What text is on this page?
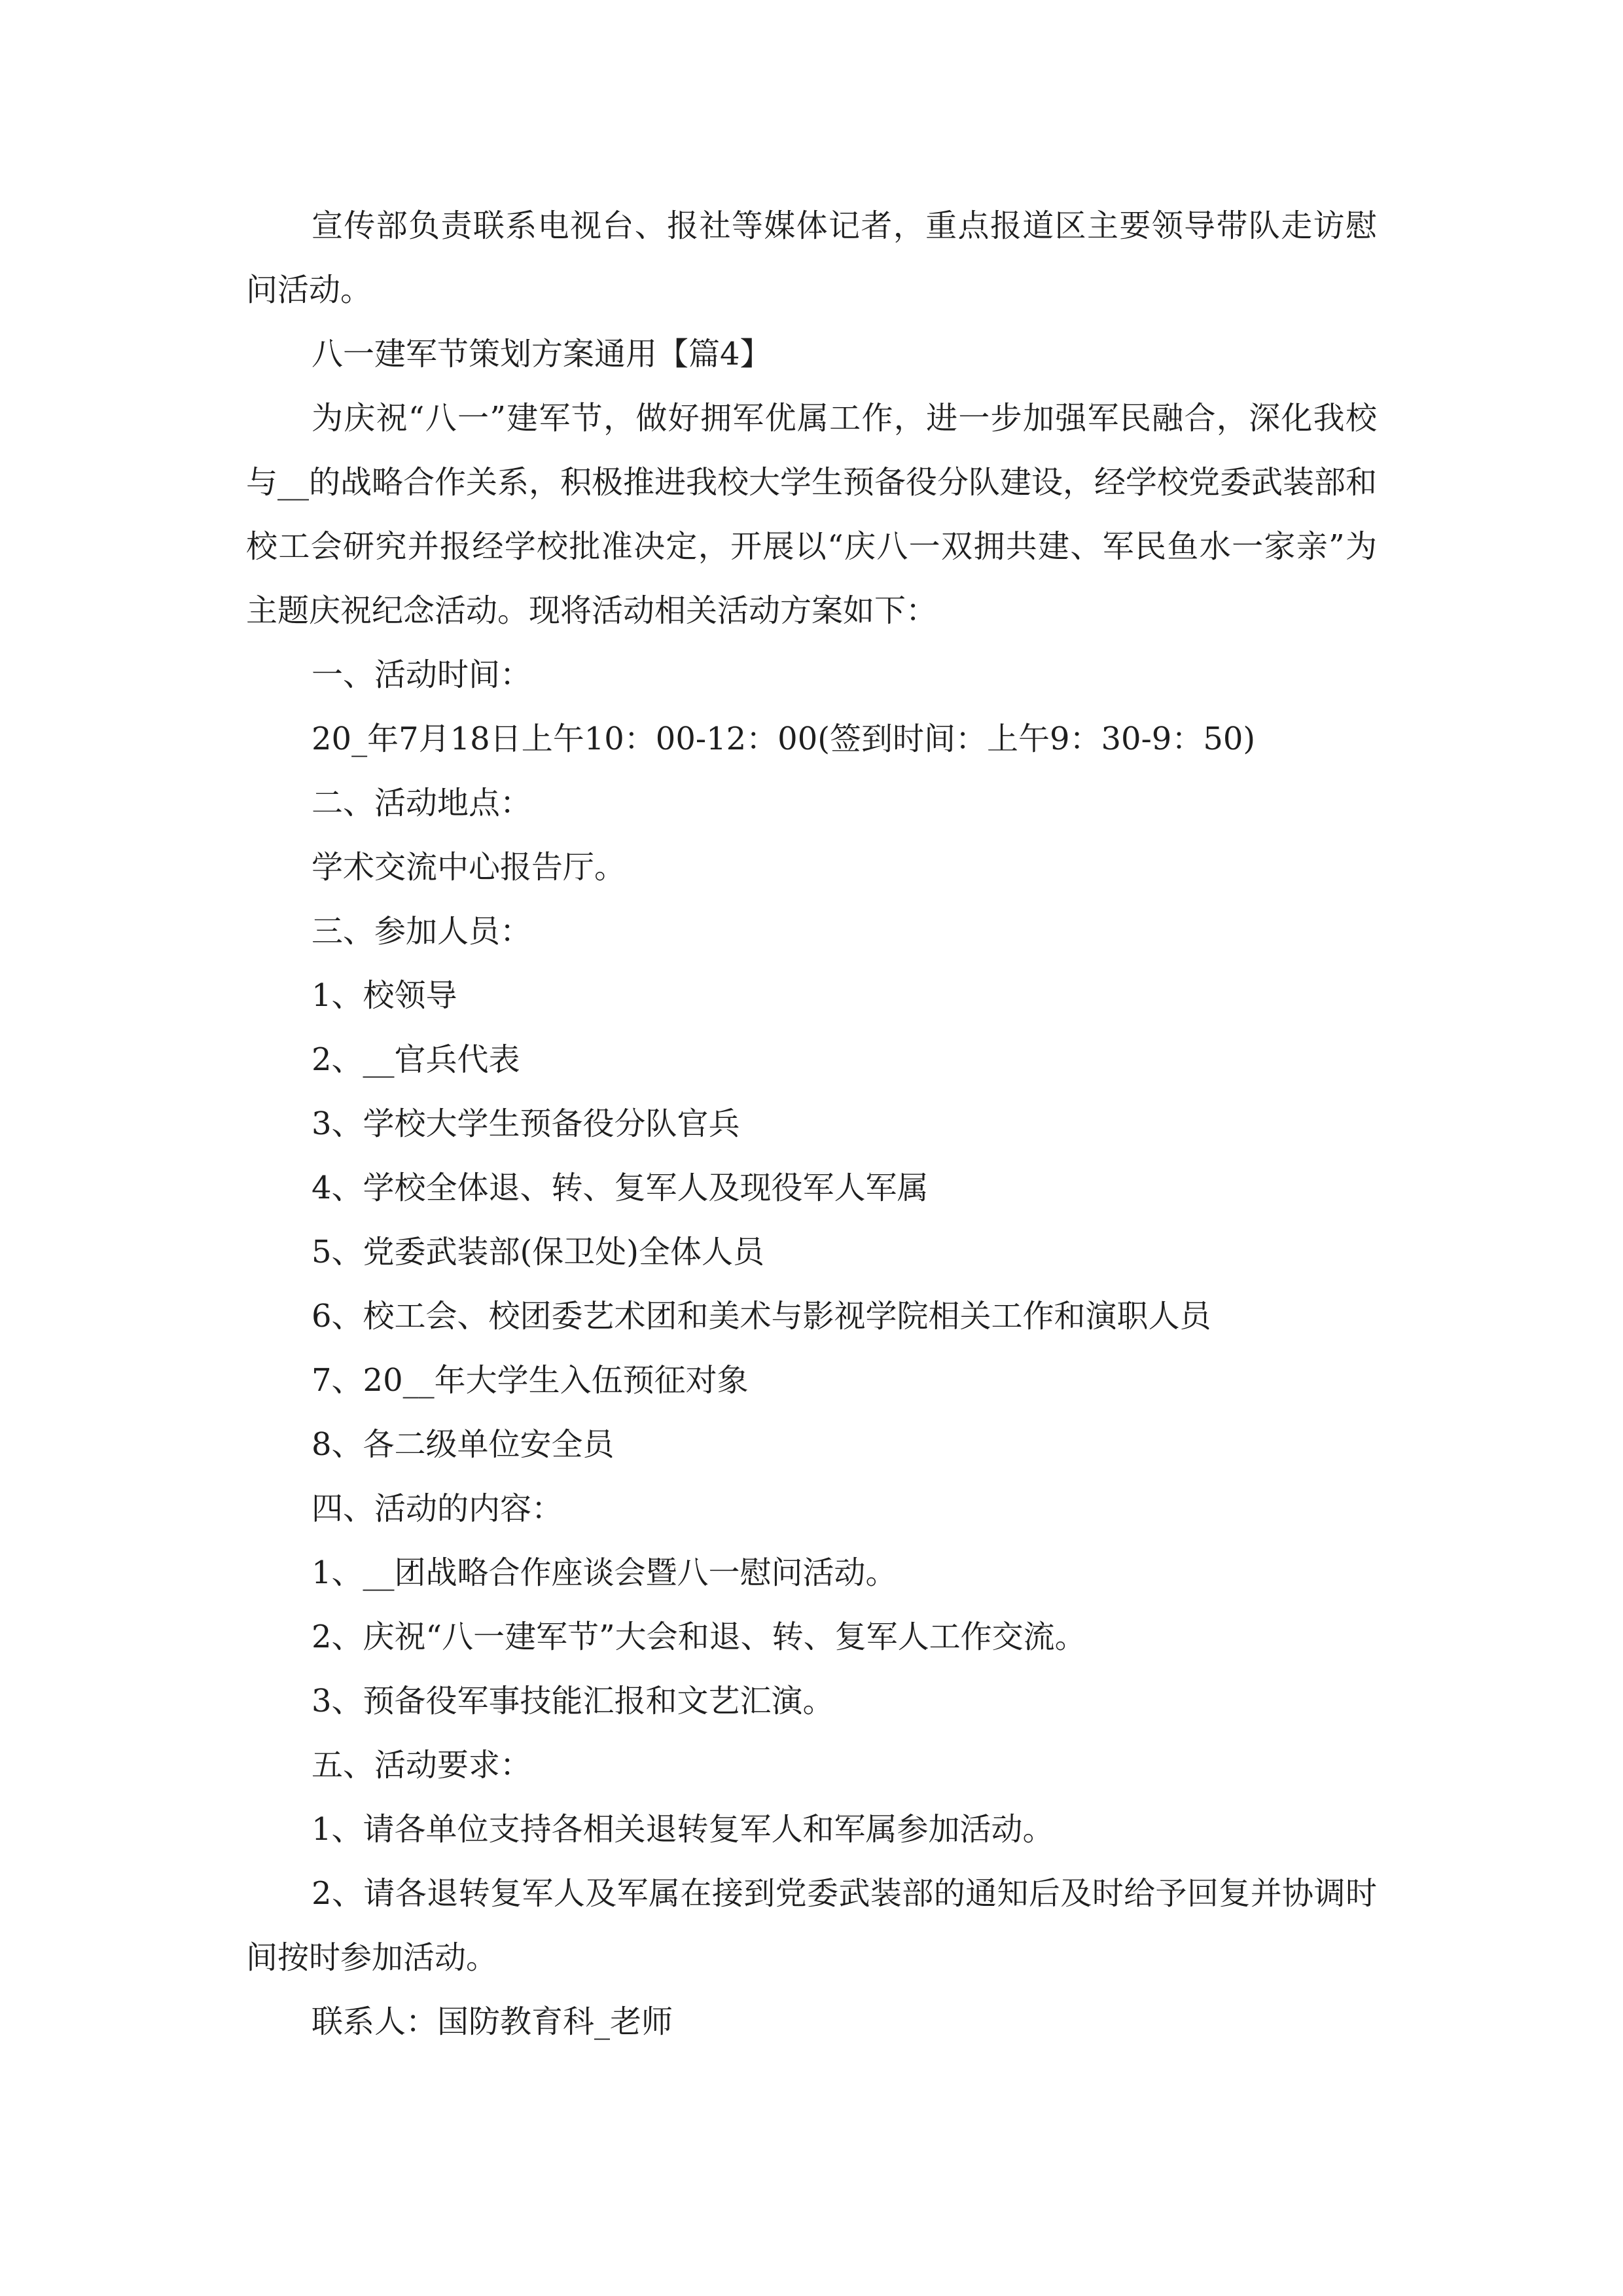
宣传部负责联系电视台、报社等媒体记者，重点报道区主要领导带队走访慰问活动。

八一建军节策划方案通用【篇4】

为庆祝“八一”建军节，做好拥军优属工作，进一步加强军民融合，深化我校与__的战略合作关系，积极推进我校大学生预备役分队建设，经学校党委武装部和校工会研究并报经学校批准决定，开展以“庆八一双拥共建、军民鱼水一家亲”为主题庆祝纪念活动。现将活动相关活动方案如下：

一、活动时间：

20_年7月18日上午10：00-12：00(签到时间：上午9：30-9：50)

二、活动地点：

学术交流中心报告厅。

三、参加人员：

1、校领导

2、__官兵代表

3、学校大学生预备役分队官兵

4、学校全体退、转、复军人及现役军人军属

5、党委武装部(保卫处)全体人员

6、校工会、校团委艺术团和美术与影视学院相关工作和演职人员

7、20__年大学生入伍预征对象

8、各二级单位安全员

四、活动的内容：

1、__团战略合作座谈会暨八一慰问活动。

2、庆祝“八一建军节”大会和退、转、复军人工作交流。

3、预备役军事技能汇报和文艺汇演。

五、活动要求：

1、请各单位支持各相关退转复军人和军属参加活动。

2、请各退转复军人及军属在接到党委武装部的通知后及时给予回复并协调时间按时参加活动。

联系人：国防教育科_老师
